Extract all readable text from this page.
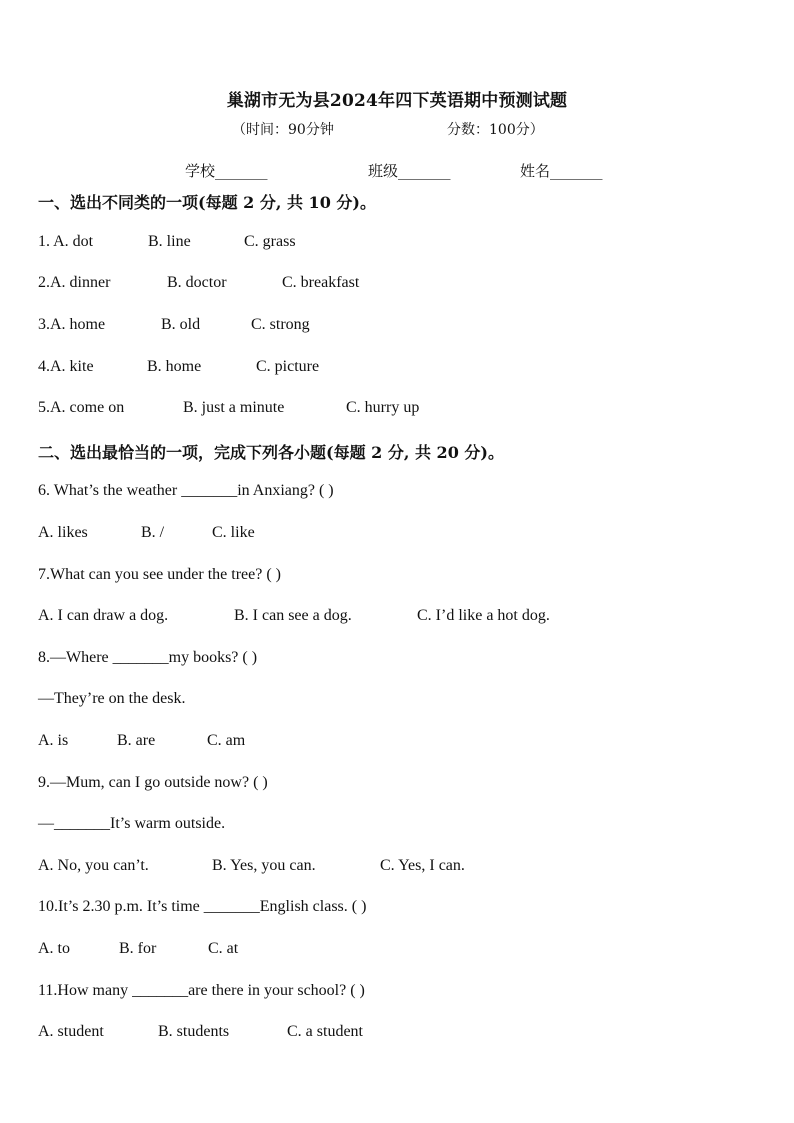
巢湖市无为县2024年四下英语期中预测试题
（时间：90分钟	分数：100分）
学校_______	班级_______	姓名_______
一、选出不同类的一项(每题 2 分, 共 10 分)。
1. A. dot	B. line	C. grass
2.A. dinner	B. doctor	C. breakfast
3.A. home	B. old	C. strong
4.A. kite	B. home	C. picture
5.A. come on	B. just a minute	C. hurry up
二、选出最恰当的一项，完成下列各小题(每题 2 分, 共 20 分)。
6. What’s the weather _______in Anxiang? ( )
A. likes	B. /	C. like
7.What can you see under the tree? ( )
A. I can draw a dog.	B. I can see a dog.	C. I’d like a hot dog.
8.—Where _______my books? ( )
—They’re on the desk.
A. is	B. are	C. am
9.—Mum, can I go outside now? ( )
—_______It’s warm outside.
A. No, you can’t.	B. Yes, you can.	C. Yes, I can.
10.It’s 2.30 p.m. It’s time _______English class. ( )
A. to	B. for	C. at
11.How many _______are there in your school? ( )
A. student	B. students	C. a student
